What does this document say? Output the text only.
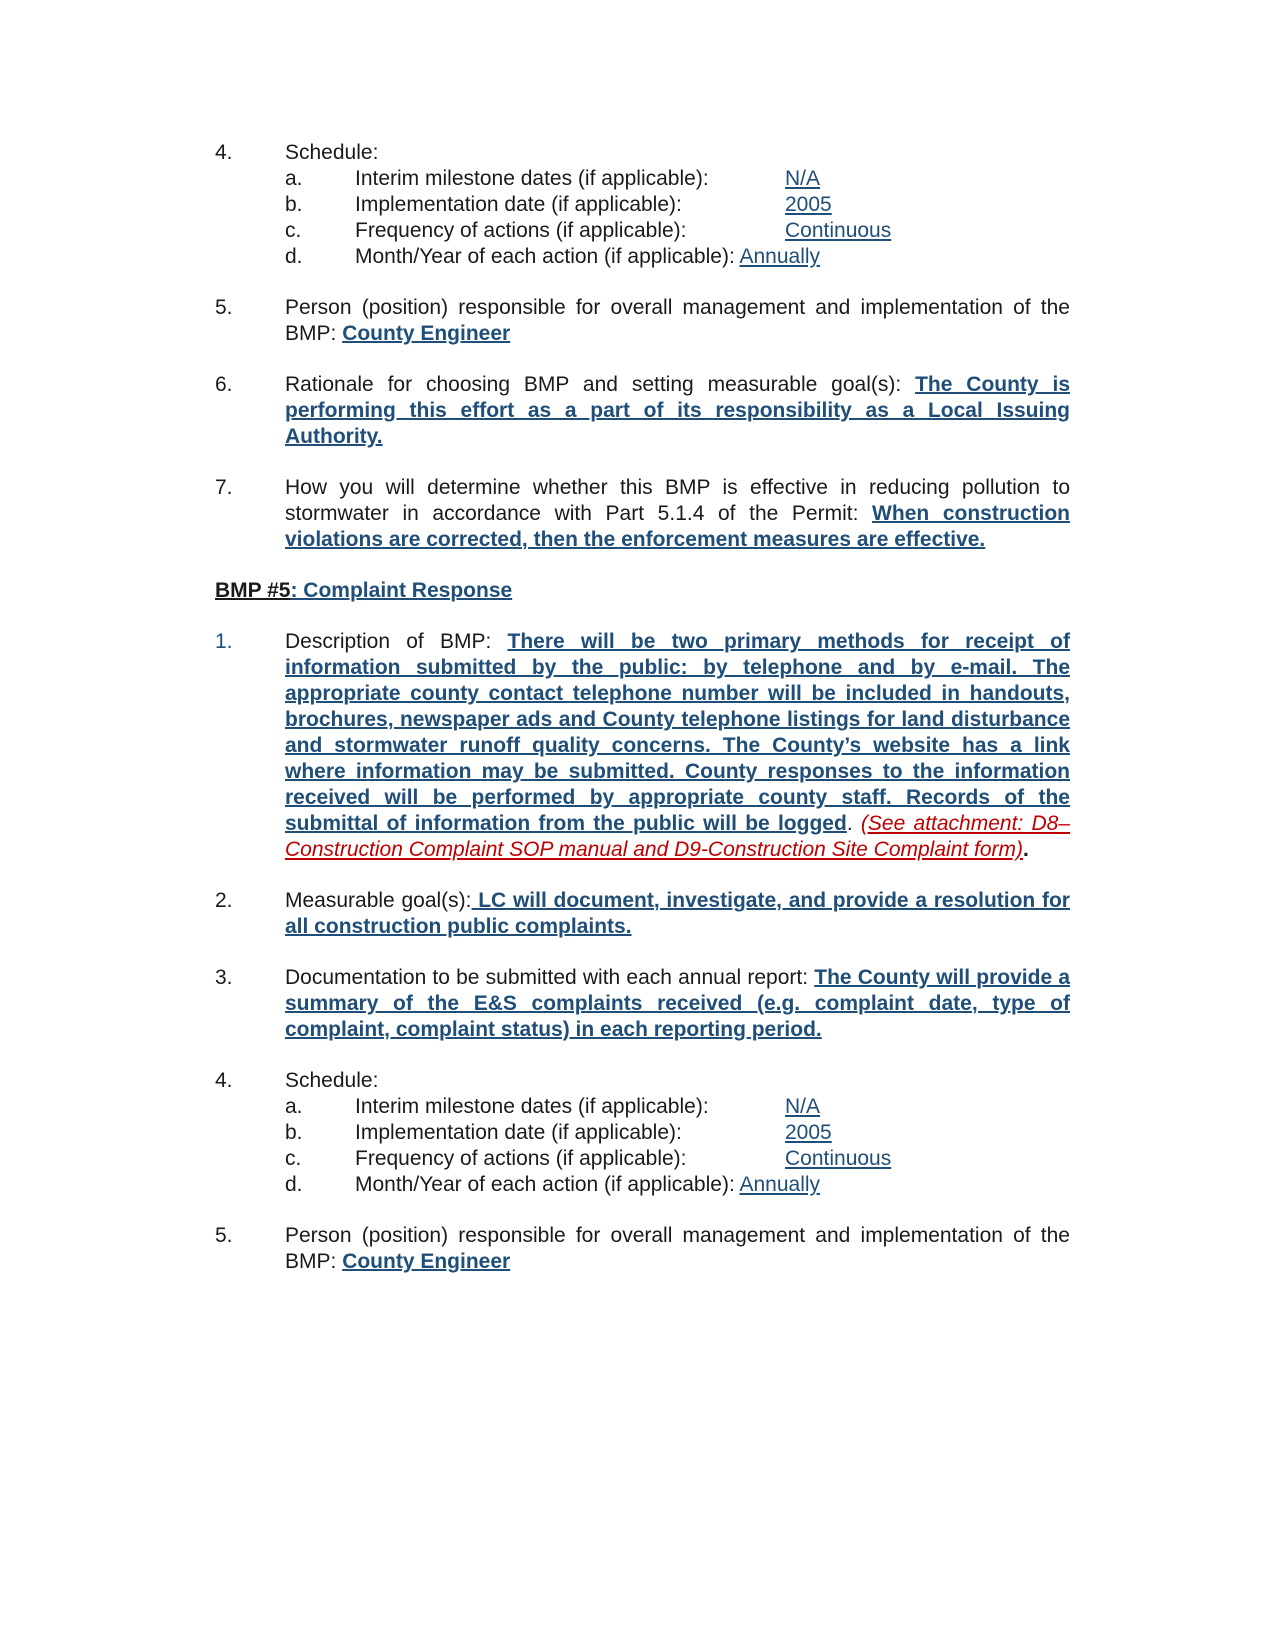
4.	Schedule:
a. Interim milestone dates (if applicable):	N/A
b. Implementation date (if applicable):	2005
c.	Frequency of actions (if applicable):	Continuous
d. Month/Year of each action (if applicable): Annually
5.	Person (position) responsible for overall management and implementation of the BMP: County Engineer

6.	Rationale for choosing BMP and setting measurable goal(s): The County is performing this effort as a part of its responsibility as a Local Issuing Authority.

7.	How you will determine whether this BMP is effective in reducing pollution to stormwater in accordance with Part 5.1.4 of the Permit: When construction violations are corrected, then the enforcement measures are effective.

BMP #5: Complaint Response
1.	Description of BMP: There will be two primary methods for receipt of information submitted by the public: by telephone and by e-mail. The appropriate county contact telephone number will be included in handouts, brochures, newspaper ads and County telephone listings for land disturbance and stormwater runoff quality concerns. The County’s website has a link where information may be submitted. County responses to the information received will be performed by appropriate county staff. Records of the submittal of information from the public will be logged. (See attachment: D8–Construction Complaint SOP manual and D9-Construction Site Complaint form).

2.	Measurable goal(s): LC will document, investigate, and provide a resolution for all construction public complaints.

3.	Documentation to be submitted with each annual report: The County will provide a summary of the E&S complaints received (e.g. complaint date, type of complaint, complaint status) in each reporting period.

4.	Schedule:
a. Interim milestone dates (if applicable):	N/A
b. Implementation date (if applicable):	2005
c.	Frequency of actions (if applicable):	Continuous
d. Month/Year of each action (if applicable): Annually
5.	Person (position) responsible for overall management and implementation of the BMP: County Engineer
